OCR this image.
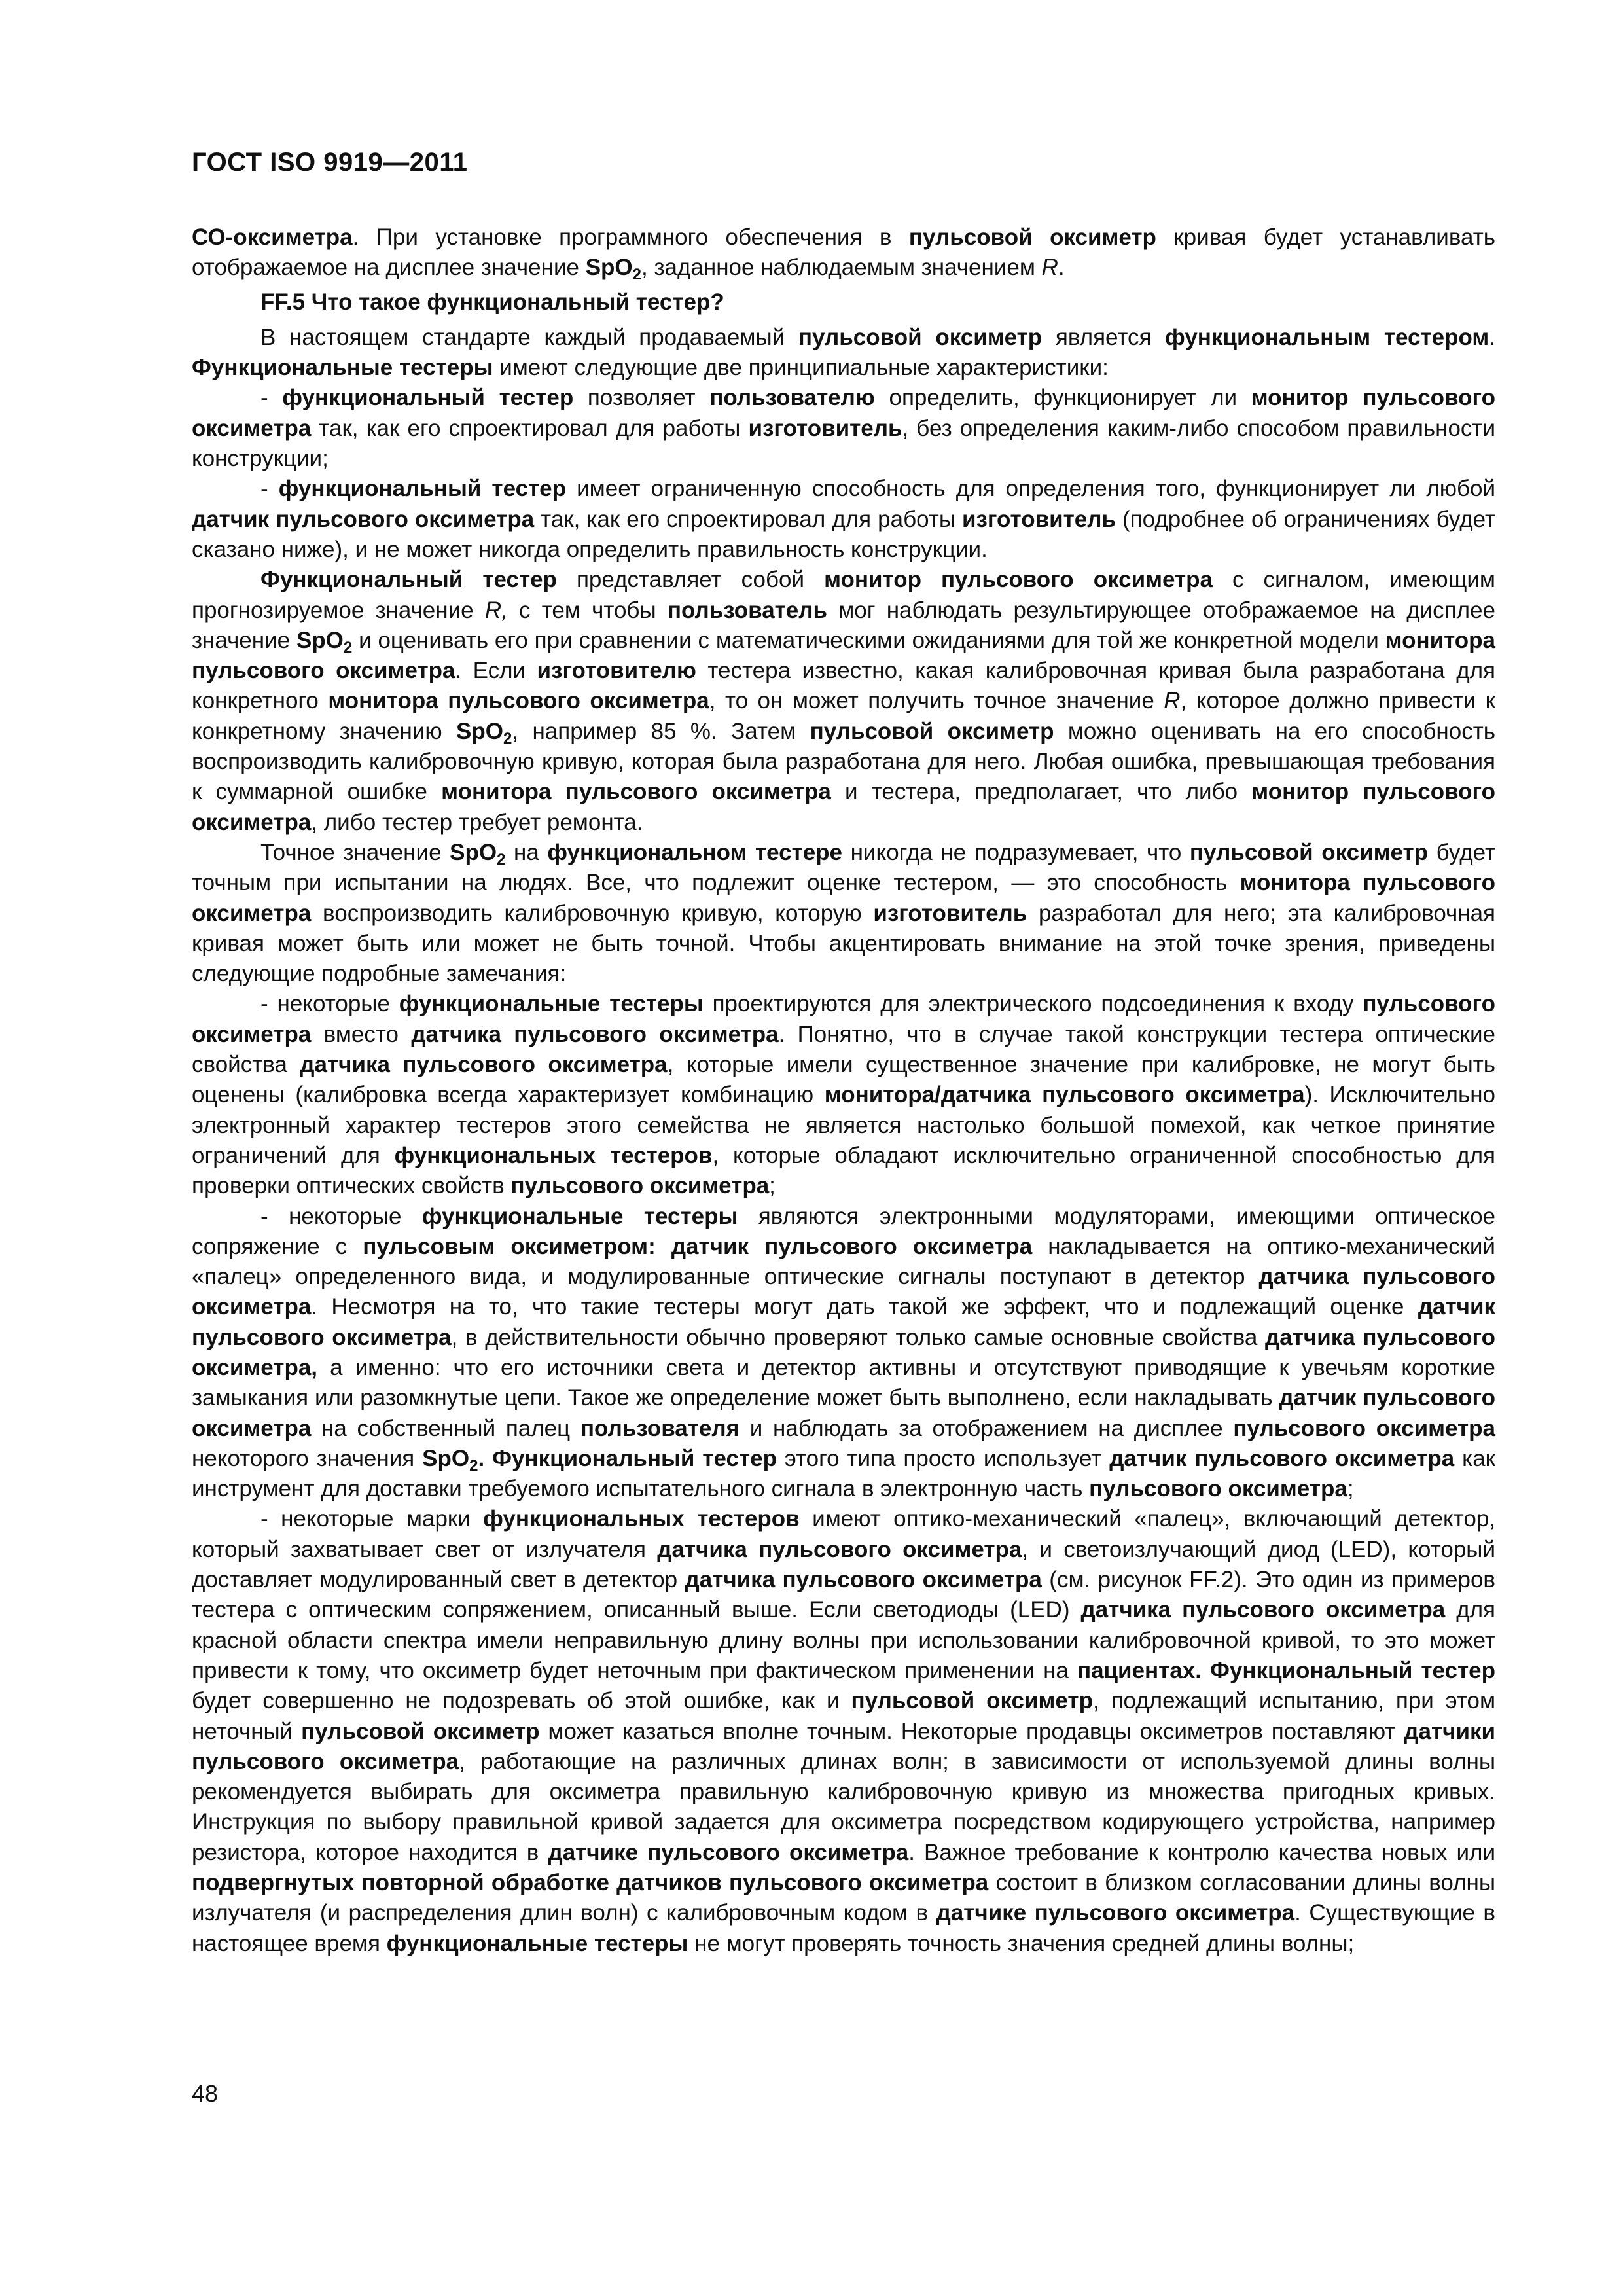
ГОСТ ISO 9919—2011

СО-оксиметра. При установке программного обеспечения в пульсовой оксиметр кривая будет устанавливать отображаемое на дисплее значение SpO$_2$, заданное наблюдаемым значением R.

FF.5 Что такое функциональный тестер?

В настоящем стандарте каждый продаваемый пульсовой оксиметр является функциональным тестером. Функциональные тестеры имеют следующие две принципиальные характеристики:

- функциональный тестер позволяет пользователю определить, функционирует ли монитор пульсового оксиметра так, как его спроектировал для работы изготовитель, без определения каким-либо способом правильности конструкции;

- функциональный тестер имеет ограниченную способность для определения того, функционирует ли любой датчик пульсового оксиметра так, как его спроектировал для работы изготовитель (подробнее об ограничениях будет сказано ниже), и не может никогда определить правильность конструкции.

Функциональный тестер представляет собой монитор пульсового оксиметра с сигналом, имеющим прогнозируемое значение R, с тем чтобы пользователь мог наблюдать результирующее отображаемое на дисплее значение SpO$_2$ и оценивать его при сравнении с математическими ожиданиями для той же конкретной модели монитора пульсового оксиметра. Если изготовителю тестера известно, какая калибровочная кривая была разработана для конкретного монитора пульсового оксиметра, то он может получить точное значение R, которое должно привести к конкретному значению SpO$_2$, например 85 %. Затем пульсовой оксиметр можно оценивать на его способность воспроизводить калибровочную кривую, которая была разработана для него. Любая ошибка, превышающая требования к суммарной ошибке монитора пульсового оксиметра и тестера, предполагает, что либо монитор пульсового оксиметра, либо тестер требует ремонта.

Точное значение SpO$_2$ на функциональном тестере никогда не подразумевает, что пульсовой оксиметр будет точным при испытании на людях. Все, что подлежит оценке тестером, — это способность монитора пульсового оксиметра воспроизводить калибровочную кривую, которую изготовитель разработал для него; эта калибровочная кривая может быть или может не быть точной. Чтобы акцентировать внимание на этой точке зрения, приведены следующие подробные замечания:

- некоторые функциональные тестеры проектируются для электрического подсоединения к входу пульсового оксиметра вместо датчика пульсового оксиметра. Понятно, что в случае такой конструкции тестера оптические свойства датчика пульсового оксиметра, которые имели существенное значение при калибровке, не могут быть оценены (калибровка всегда характеризует комбинацию монитора/датчика пульсового оксиметра). Исключительно электронный характер тестеров этого семейства не является настолько большой помехой, как четкое принятие ограничений для функциональных тестеров, которые обладают исключительно ограниченной способностью для проверки оптических свойств пульсового оксиметра;

- некоторые функциональные тестеры являются электронными модуляторами, имеющими оптическое сопряжение с пульсовым оксиметром: датчик пульсового оксиметра накладывается на оптико-механический «палец» определенного вида, и модулированные оптические сигналы поступают в детектор датчика пульсового оксиметра. Несмотря на то, что такие тестеры могут дать такой же эффект, что и подлежащий оценке датчик пульсового оксиметра, в действительности обычно проверяют только самые основные свойства датчика пульсового оксиметра, а именно: что его источники света и детектор активны и отсутствуют приводящие к увечьям короткие замыкания или разомкнутые цепи. Такое же определение может быть выполнено, если накладывать датчик пульсового оксиметра на собственный палец пользователя и наблюдать за отображением на дисплее пульсового оксиметра некоторого значения SpO$_2$. Функциональный тестер этого типа просто использует датчик пульсового оксиметра как инструмент для доставки требуемого испытательного сигнала в электронную часть пульсового оксиметра;

- некоторые марки функциональных тестеров имеют оптико-механический «палец», включающий детектор, который захватывает свет от излучателя датчика пульсового оксиметра, и светоизлучающий диод (LED), который доставляет модулированный свет в детектор датчика пульсового оксиметра (см. рисунок FF.2). Это один из примеров тестера с оптическим сопряжением, описанный выше. Если светодиоды (LED) датчика пульсового оксиметра для красной области спектра имели неправильную длину волны при использовании калибровочной кривой, то это может привести к тому, что оксиметр будет неточным при фактическом применении на пациентах. Функциональный тестер будет совершенно не подозревать об этой ошибке, как и пульсовой оксиметр, подлежащий испытанию, при этом неточный пульсовой оксиметр может казаться вполне точным. Некоторые продавцы оксиметров поставляют датчики пульсового оксиметра, работающие на различных длинах волн; в зависимости от используемой длины волны рекомендуется выбирать для оксиметра правильную калибровочную кривую из множества пригодных кривых. Инструкция по выбору правильной кривой задается для оксиметра посредством кодирующего устройства, например резистора, которое находится в датчике пульсового оксиметра. Важное требование к контролю качества новых или подвергнутых повторной обработке датчиков пульсового оксиметра состоит в близком согласовании длины волны излучателя (и распределения длин волн) с калибровочным кодом в датчике пульсового оксиметра. Существующие в настоящее время функциональные тестеры не могут проверять точность значения средней длины волны;

48
